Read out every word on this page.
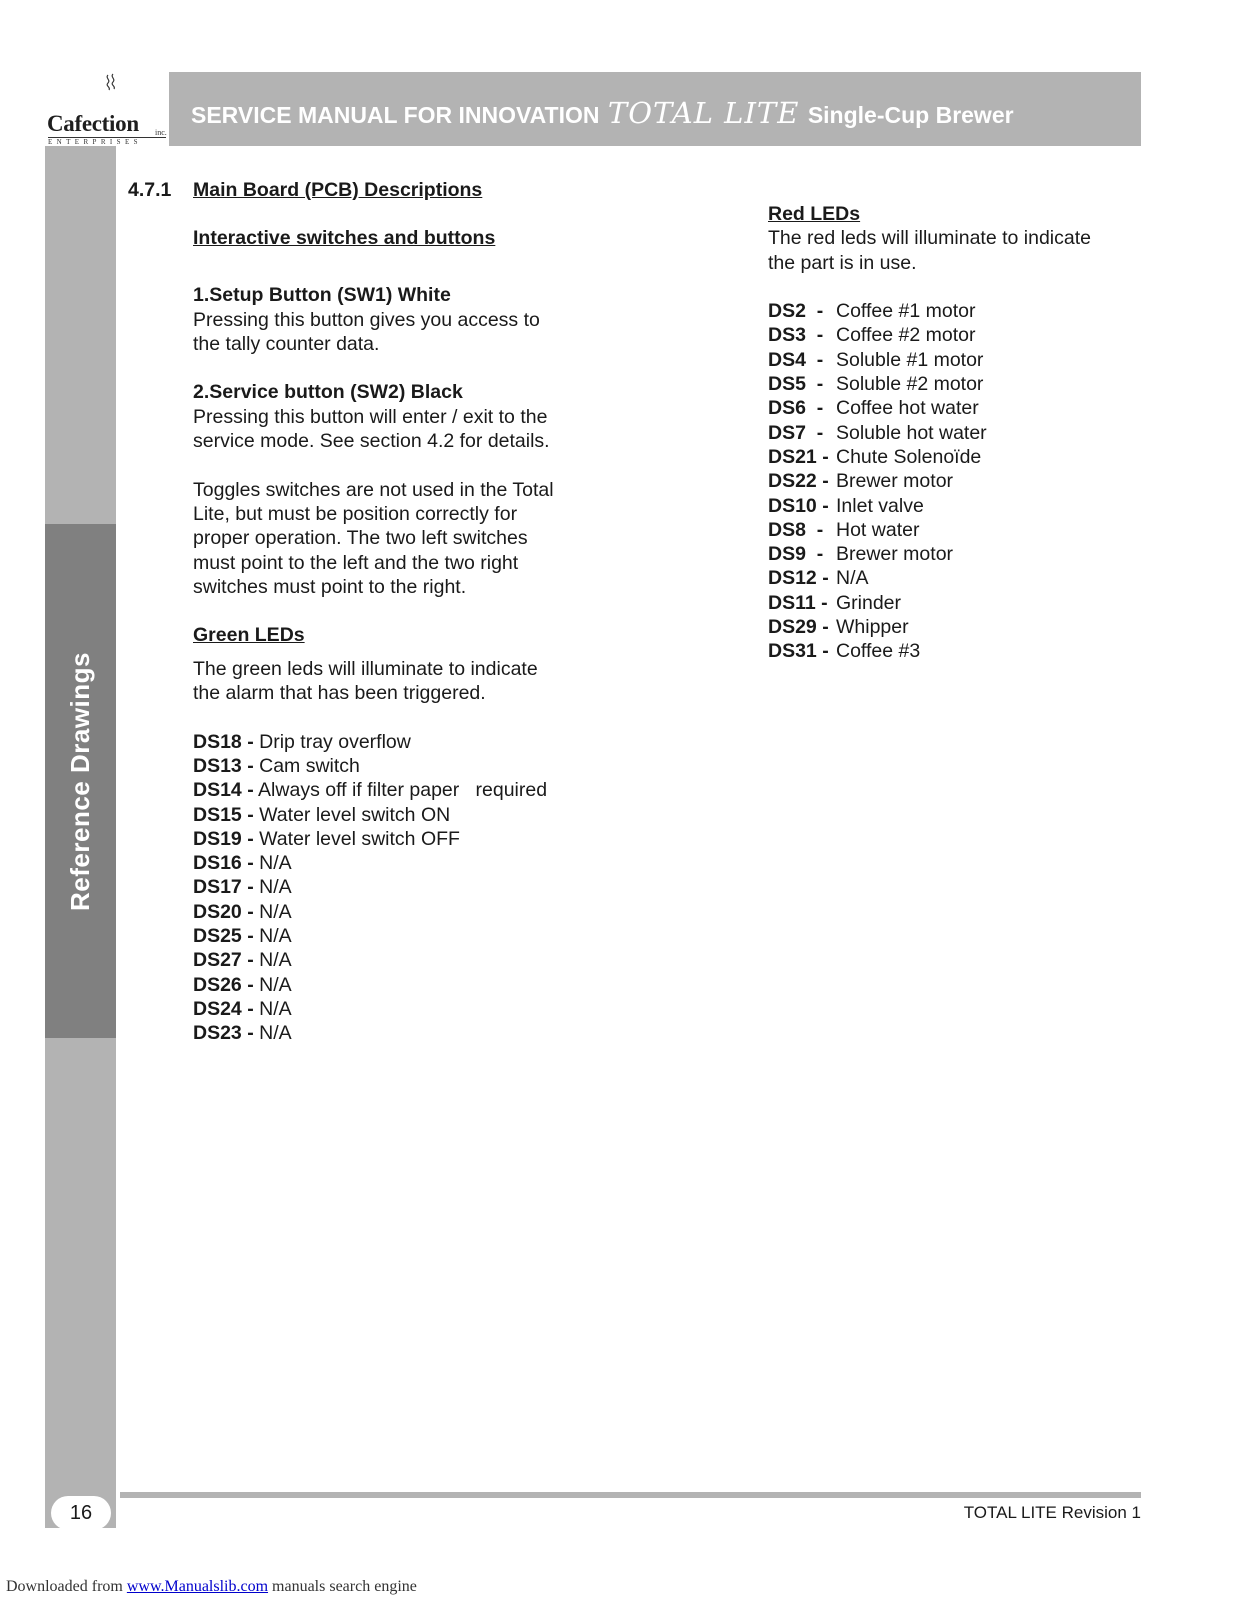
Reference Drawings
Cafection inc.
ENTERPRISES
SERVICE MANUAL FOR INNOVATION TOTAL LITE Single-Cup Brewer
4.7.1 Main Board (PCB) Descriptions
Interactive switches and buttons
1.Setup Button (SW1) White
Pressing this button gives you access to
the tally counter data.
2.Service button (SW2) Black
Pressing this button will enter / exit to the
service mode. See section 4.2 for details.
Toggles switches are not used in the Total
Lite, but must be position correctly for
proper operation. The two left switches
must point to the left and the two right
switches must point to the right.
Green LEDs
The green leds will illuminate to indicate
the alarm that has been triggered.
DS18 - Drip tray overflow
DS13 - Cam switch
DS14 - Always off if filter paper   required
DS15 - Water level switch ON
DS19 - Water level switch OFF
DS16 - N/A
DS17 - N/A
DS20 - N/A
DS25 - N/A
DS27 - N/A
DS26 - N/A
DS24 - N/A
DS23 - N/A
Red LEDs
The red leds will illuminate to indicate
the part is in use.
DS2  - Coffee #1 motor
DS3  - Coffee #2 motor
DS4  - Soluble #1 motor
DS5  - Soluble #2 motor
DS6  - Coffee hot water
DS7  - Soluble hot water
DS21 - Chute Solenoïde
DS22 - Brewer motor
DS10 - Inlet valve
DS8  - Hot water
DS9  - Brewer motor
DS12 - N/A
DS11 - Grinder
DS29 - Whipper
DS31 - Coffee #3
16	TOTAL LITE Revision 1
Downloaded from www.Manualslib.com manuals search engine
